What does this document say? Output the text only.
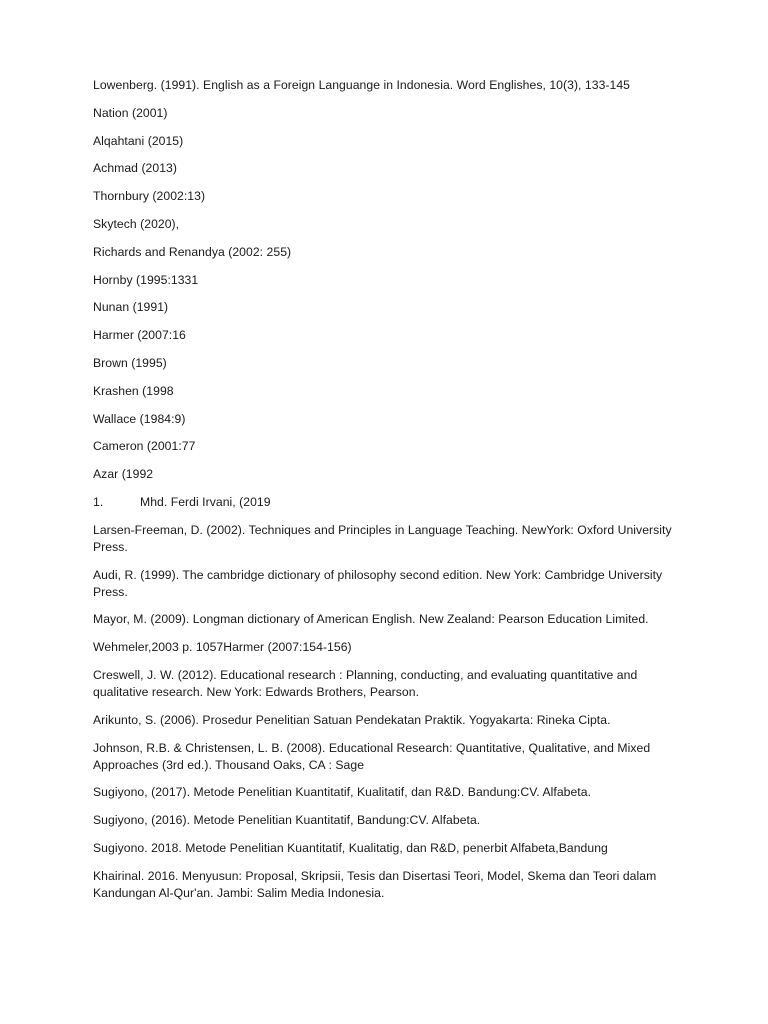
Lowenberg. (1991). English as a Foreign Languange in Indonesia. Word Englishes, 10(3), 133-145
Nation (2001)
Alqahtani (2015)
Achmad (2013)
Thornbury (2002:13)
Skytech (2020),
Richards and Renandya (2002: 255)
Hornby (1995:1331
Nunan (1991)
Harmer (2007:16
Brown (1995)
Krashen (1998
Wallace (1984:9)
Cameron (2001:77
Azar (1992
1.	Mhd. Ferdi Irvani, (2019
Larsen-Freeman, D. (2002). Techniques and Principles in Language Teaching. NewYork: Oxford University Press.
Audi, R. (1999). The cambridge dictionary of philosophy second edition. New York: Cambridge University Press.
Mayor, M. (2009). Longman dictionary of American English. New Zealand: Pearson Education Limited.
Wehmeler,2003 p. 1057Harmer (2007:154-156)
Creswell, J. W. (2012). Educational research : Planning, conducting, and evaluating quantitative and qualitative research. New York: Edwards Brothers, Pearson.
Arikunto, S. (2006). Prosedur Penelitian Satuan Pendekatan Praktik. Yogyakarta: Rineka Cipta.
Johnson, R.B. & Christensen, L. B. (2008). Educational Research: Quantitative, Qualitative, and Mixed Approaches (3rd ed.). Thousand Oaks, CA : Sage
Sugiyono, (2017). Metode Penelitian Kuantitatif, Kualitatif, dan R&D. Bandung:CV. Alfabeta.
Sugiyono, (2016). Metode Penelitian Kuantitatif, Bandung:CV. Alfabeta.
Sugiyono. 2018. Metode Penelitian Kuantitatif, Kualitatig, dan R&D, penerbit Alfabeta,Bandung
Khairinal. 2016. Menyusun: Proposal, Skripsii, Tesis dan Disertasi Teori, Model, Skema dan Teori dalam Kandungan Al-Qur'an. Jambi: Salim Media Indonesia.
